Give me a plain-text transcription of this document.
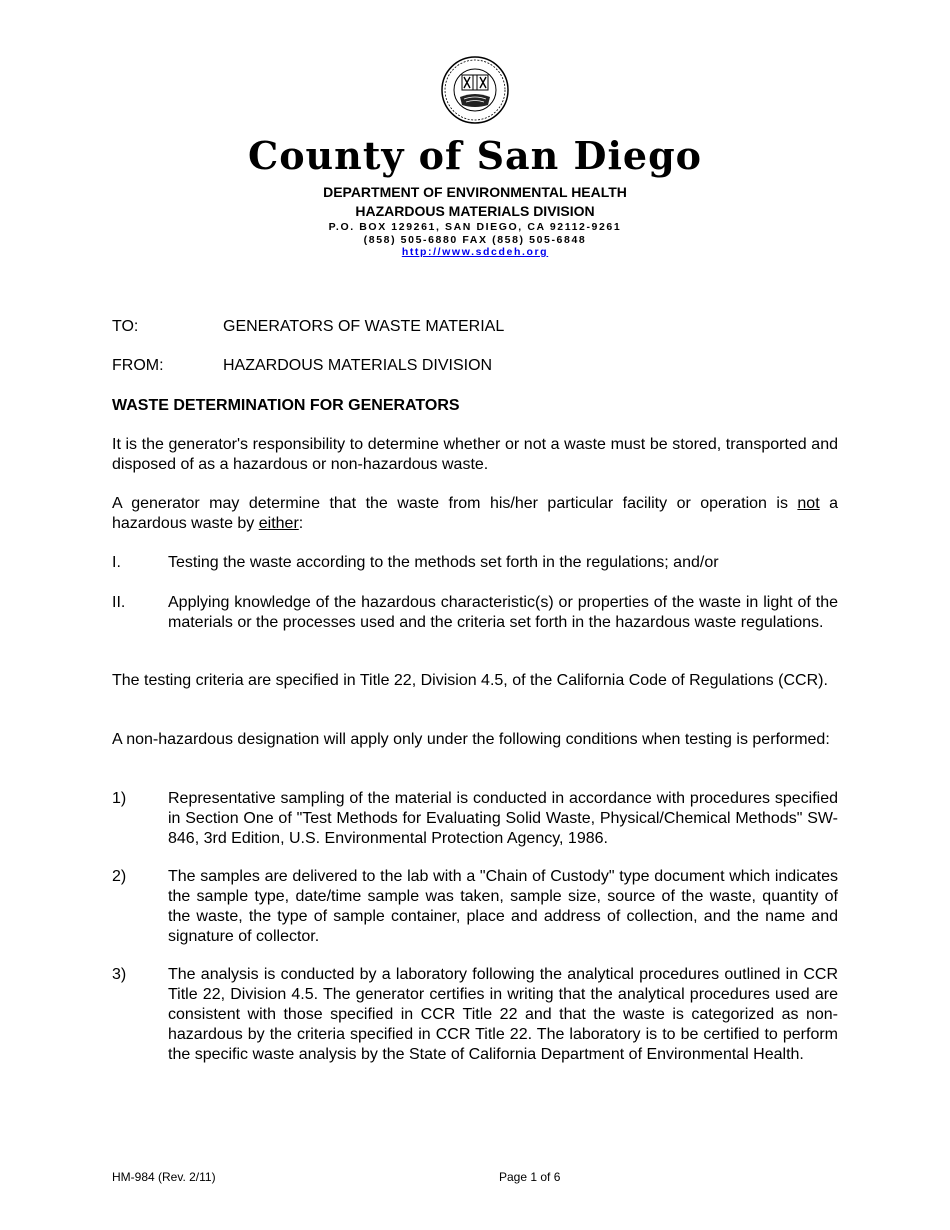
County of San Diego
DEPARTMENT OF ENVIRONMENTAL HEALTH
HAZARDOUS MATERIALS DIVISION
P.O. BOX 129261, SAN DIEGO, CA 92112-9261
(858) 505-6880 FAX (858) 505-6848
http://www.sdcdeh.org
TO:	GENERATORS OF WASTE MATERIAL
FROM:	HAZARDOUS MATERIALS DIVISION
WASTE DETERMINATION FOR GENERATORS
It is the generator's responsibility to determine whether or not a waste must be stored, transported and disposed of as a hazardous or non-hazardous waste.
A generator may determine that the waste from his/her particular facility or operation is not a hazardous waste by either:
I.	Testing the waste according to the methods set forth in the regulations; and/or
II.	Applying knowledge of the hazardous characteristic(s) or properties of the waste in light of the materials or the processes used and the criteria set forth in the hazardous waste regulations.
The testing criteria are specified in Title 22, Division 4.5, of the California Code of Regulations (CCR).
A non-hazardous designation will apply only under the following conditions when testing is performed:
1)	Representative sampling of the material is conducted in accordance with procedures specified in Section One of "Test Methods for Evaluating Solid Waste, Physical/Chemical Methods" SW-846, 3rd Edition, U.S. Environmental Protection Agency, 1986.
2)	The samples are delivered to the lab with a "Chain of Custody" type document which indicates the sample type, date/time sample was taken, sample size, source of the waste, quantity of the waste, the type of sample container, place and address of collection, and the name and signature of collector.
3)	The analysis is conducted by a laboratory following the analytical procedures outlined in CCR Title 22, Division 4.5. The generator certifies in writing that the analytical procedures used are consistent with those specified in CCR Title 22 and that the waste is categorized as non-hazardous by the criteria specified in CCR Title 22. The laboratory is to be certified to perform the specific waste analysis by the State of California Department of Environmental Health.
HM-984 (Rev. 2/11)	Page 1 of 6
